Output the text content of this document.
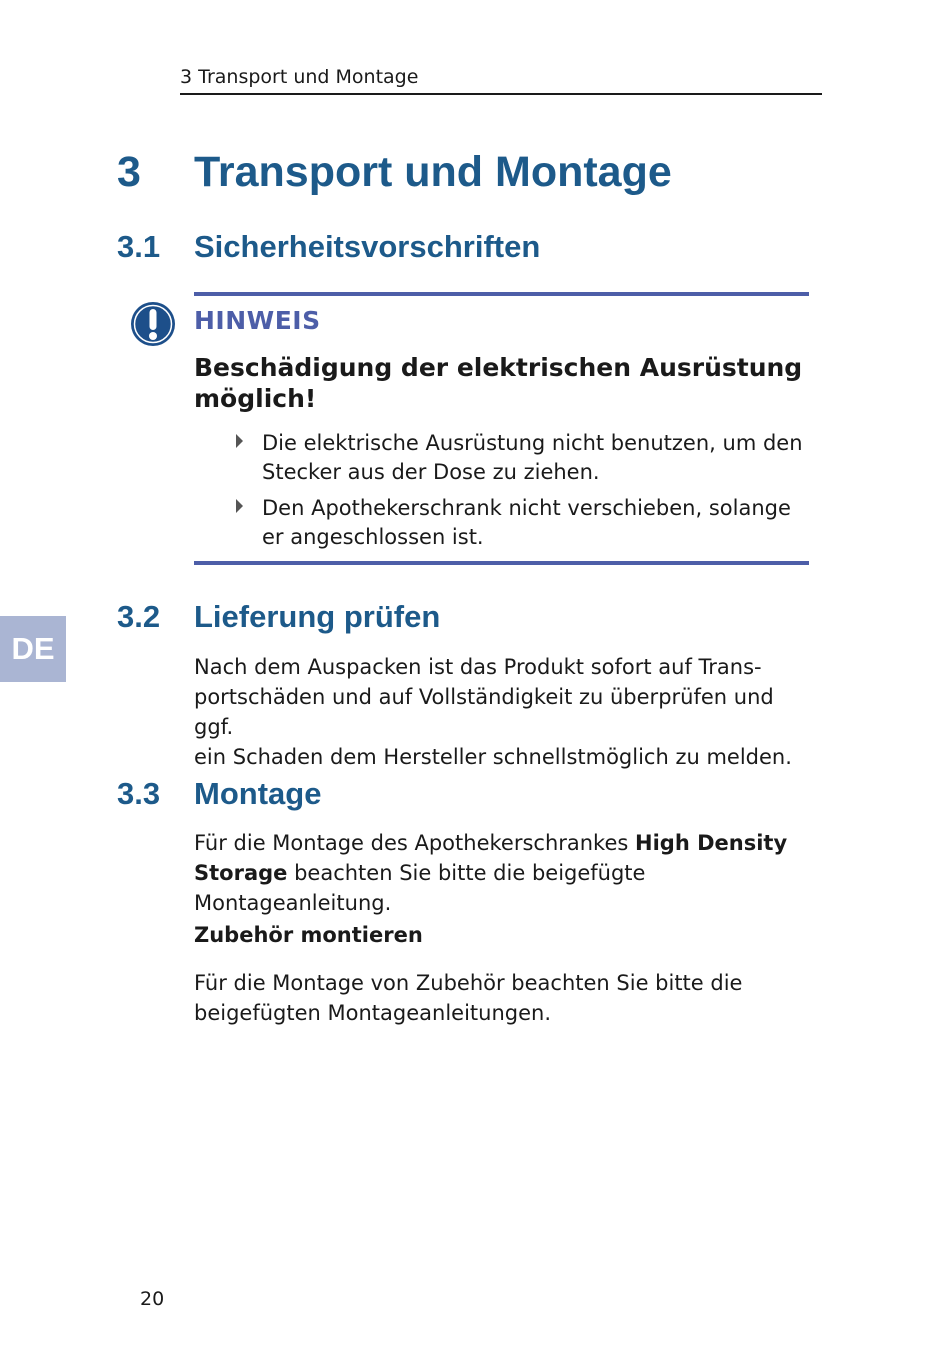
3 Transport und Montage
3 Transport und Montage
3.1 Sicherheitsvorschriften
HINWEIS
Beschädigung der elektrischen Ausrüstung möglich!
Die elektrische Ausrüstung nicht benutzen, um den Stecker aus der Dose zu ziehen.
Den Apothekerschrank nicht verschieben, solange er angeschlossen ist.
DE
3.2 Lieferung prüfen
Nach dem Auspacken ist das Produkt sofort auf Trans-
portschäden und auf Vollständigkeit zu überprüfen und ggf.
ein Schaden dem Hersteller schnellstmöglich zu melden.
3.3 Montage
Für die Montage des Apothekerschrankes High Density
Storage beachten Sie bitte die beigefügte Montageanleitung.
Zubehör montieren
Für die Montage von Zubehör beachten Sie bitte die
beigefügten Montageanleitungen.
20
